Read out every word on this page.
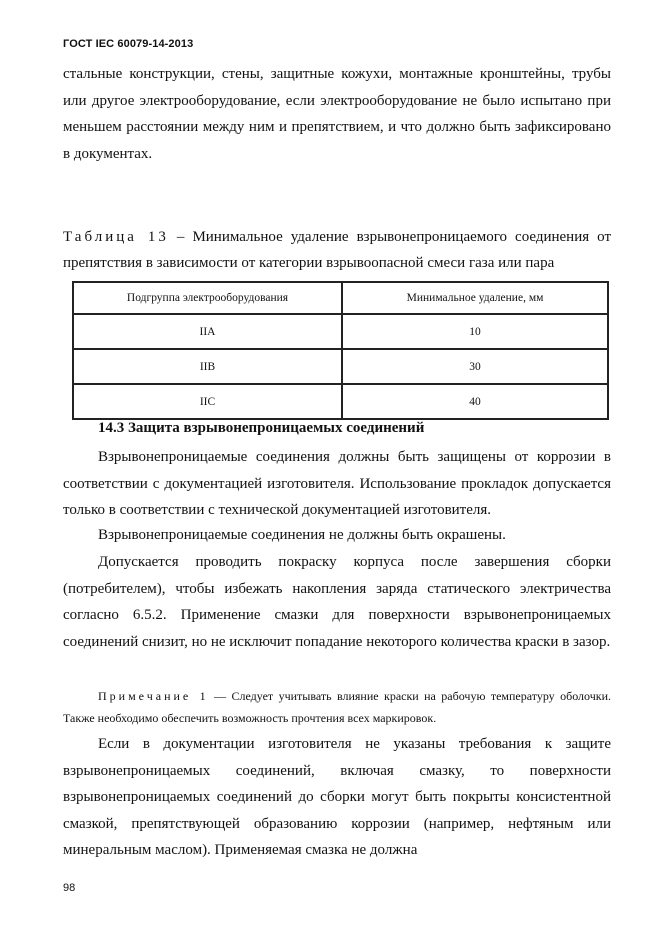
ГОСТ IEC 60079-14-2013

стальные конструкции, стены, защитные кожухи, монтажные кронштейны, трубы или другое электрооборудование, если электрооборудование не было испытано при меньшем расстоянии между ним и препятствием, и что должно быть зафиксировано в документах.

Таблица 13 – Минимальное удаление взрывонепроницаемого соединения от препятствия в зависимости от категории взрывоопасной смеси газа или пара

Подгруппа электрооборудования	Минимальное удаление, мм
IIA	10
IIB	30
IIC	40

14.3 Защита взрывонепроницаемых соединений

Взрывонепроницаемые соединения должны быть защищены от коррозии в соответствии с документацией изготовителя. Использование прокладок допускается только в соответствии с технической документацией изготовителя.

Взрывонепроницаемые соединения не должны быть окрашены.

Допускается проводить покраску корпуса после завершения сборки (потребителем), чтобы избежать накопления заряда статического электричества согласно 6.5.2. Применение смазки для поверхности взрывонепроницаемых соединений снизит, но не исключит попадание некоторого количества краски в зазор.

Примечание 1 — Следует учитывать влияние краски на рабочую температуру оболочки. Также необходимо обеспечить возможность прочтения всех маркировок.

Если в документации изготовителя не указаны требования к защите взрывонепроницаемых соединений, включая смазку, то поверхности взрывонепроницаемых соединений до сборки могут быть покрыты консистентной смазкой, препятствующей образованию коррозии (например, нефтяным или минеральным маслом). Применяемая смазка не должна

98
